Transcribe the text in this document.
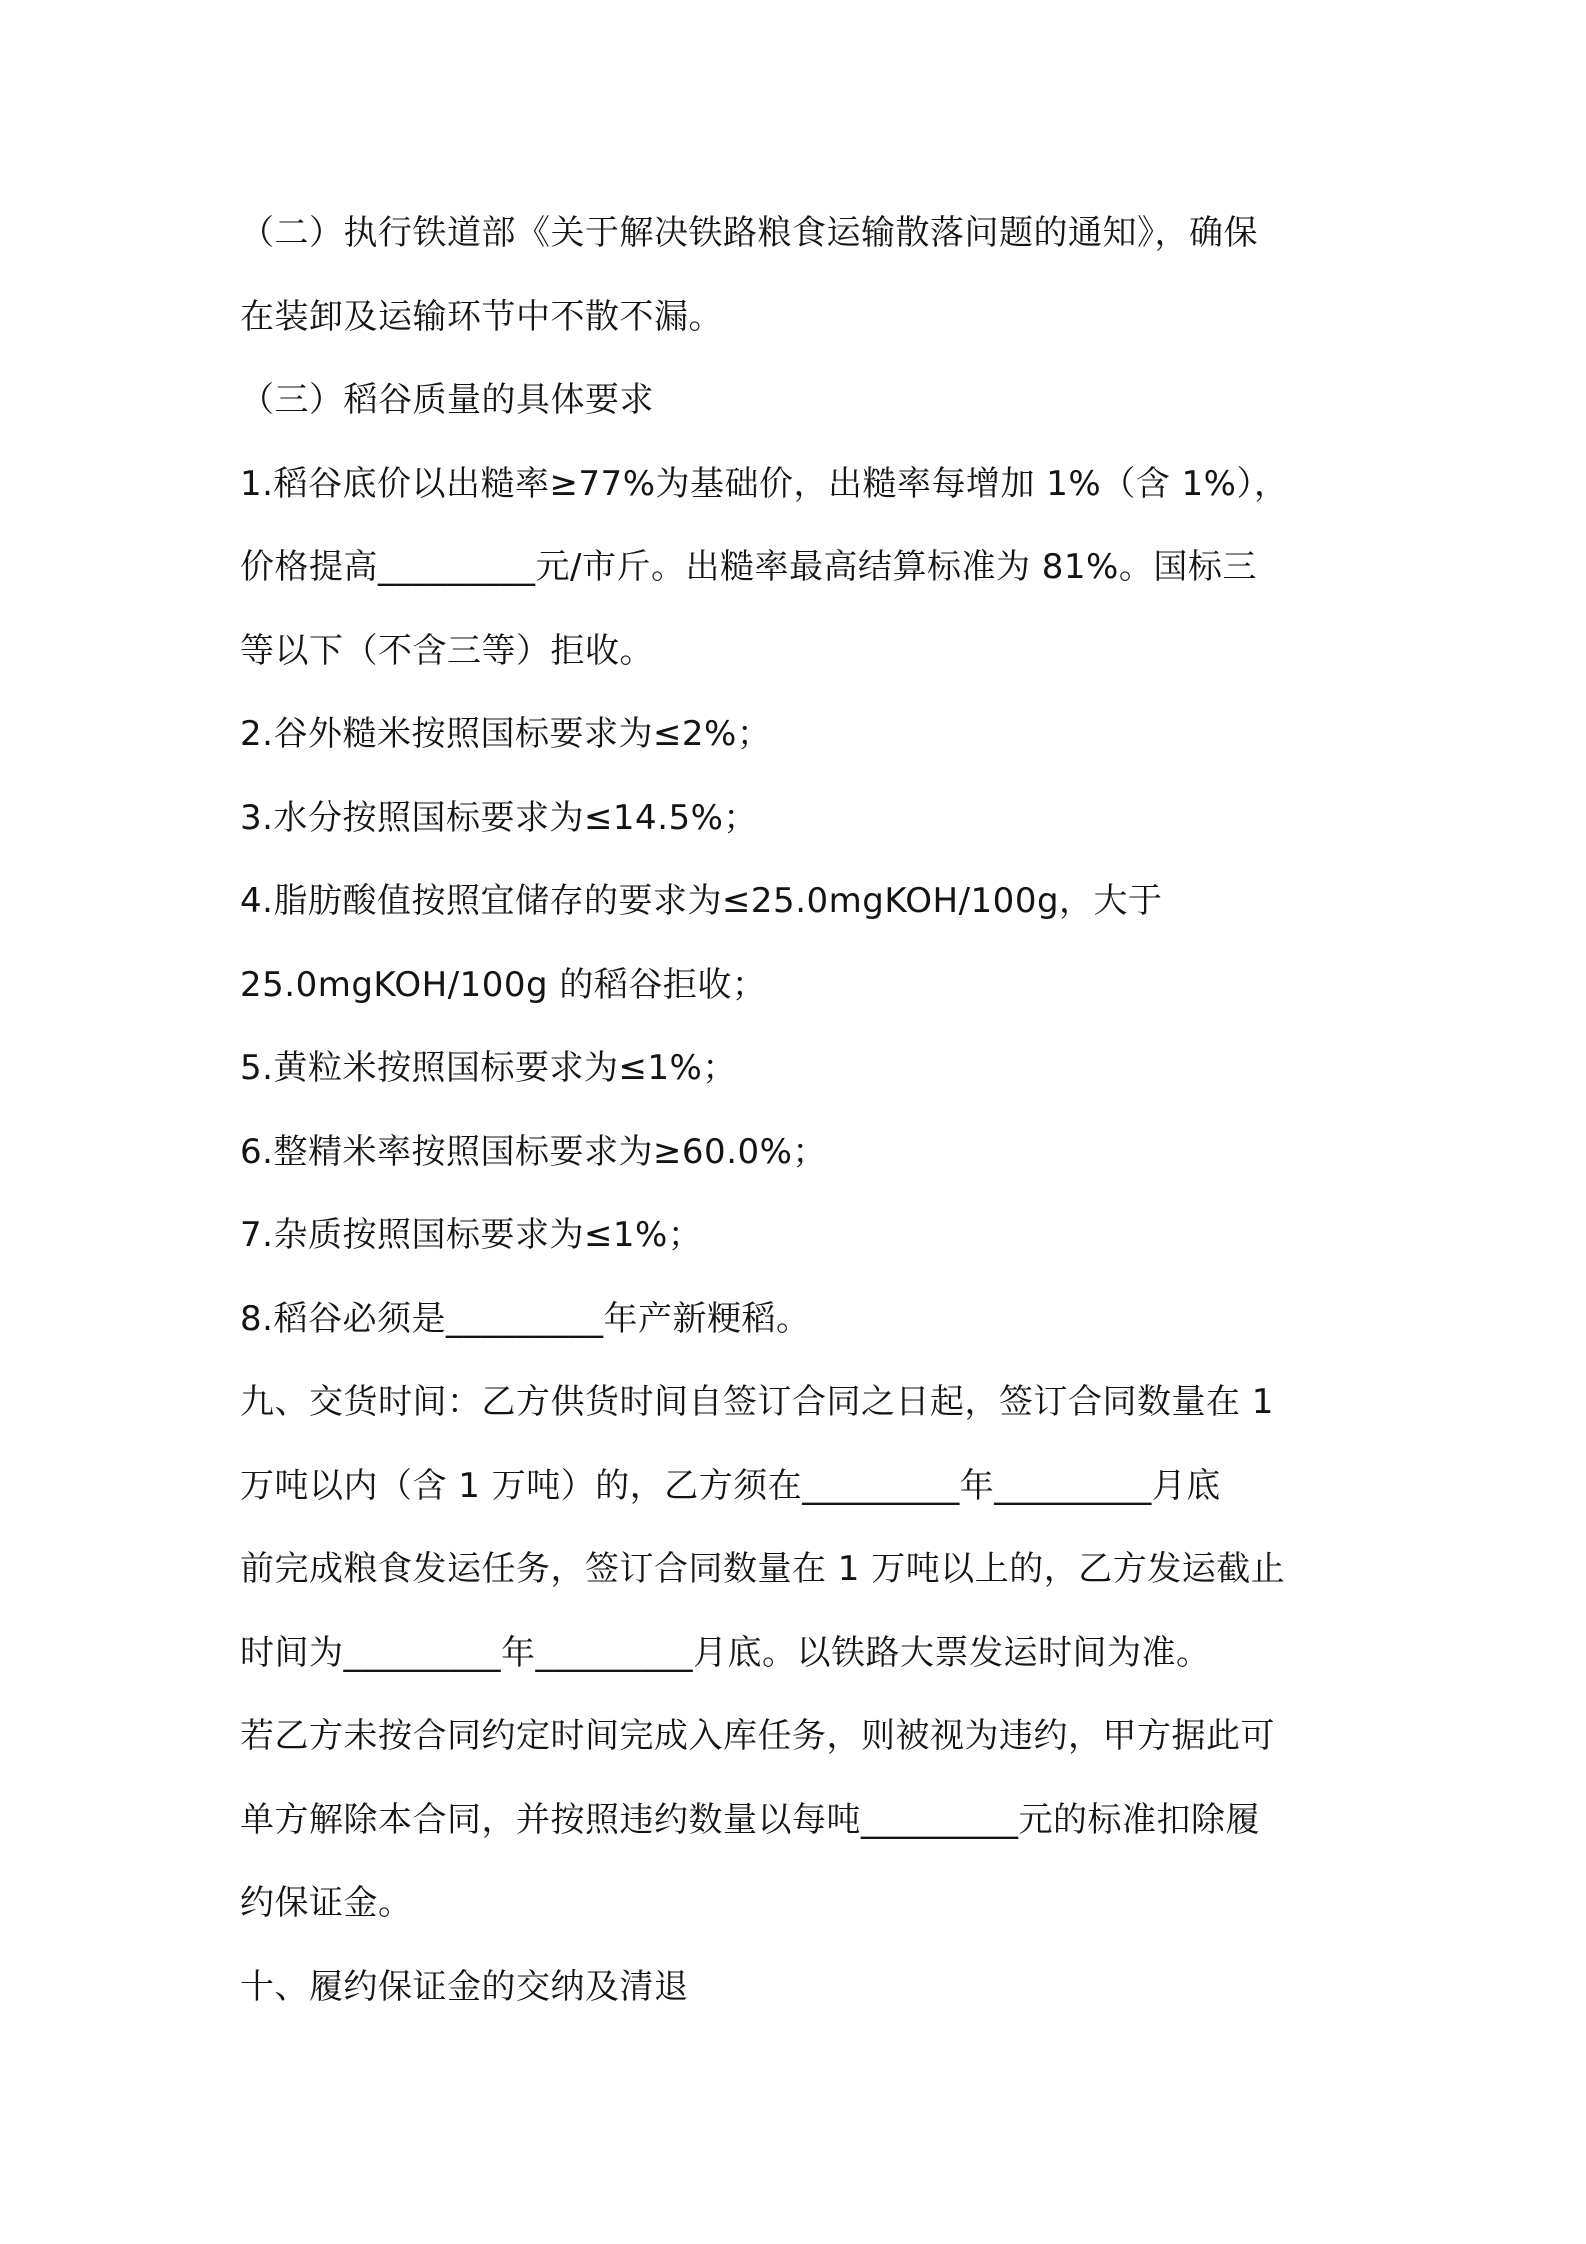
（二）执行铁道部《关于解决铁路粮食运输散落问题的通知》，确保
在装卸及运输环节中不散不漏。
（三）稻谷质量的具体要求
1.稻谷底价以出糙率≥77%为基础价，出糙率每增加 1%（含 1%），
价格提高_________元/市斤。出糙率最高结算标准为 81%。国标三
等以下（不含三等）拒收。
2.谷外糙米按照国标要求为≤2%；
3.水分按照国标要求为≤14.5%；
4.脂肪酸值按照宜储存的要求为≤25.0mgKOH/100g，大于
25.0mgKOH/100g 的稻谷拒收；
5.黄粒米按照国标要求为≤1%；
6.整精米率按照国标要求为≥60.0%；
7.杂质按照国标要求为≤1%；
8.稻谷必须是_________年产新粳稻。
九、交货时间：乙方供货时间自签订合同之日起，签订合同数量在 1
万吨以内（含 1 万吨）的，乙方须在_________年_________月底
前完成粮食发运任务，签订合同数量在 1 万吨以上的，乙方发运截止
时间为_________年_________月底。以铁路大票发运时间为准。
若乙方未按合同约定时间完成入库任务，则被视为违约，甲方据此可
单方解除本合同，并按照违约数量以每吨_________元的标准扣除履
约保证金。
十、履约保证金的交纳及清退
